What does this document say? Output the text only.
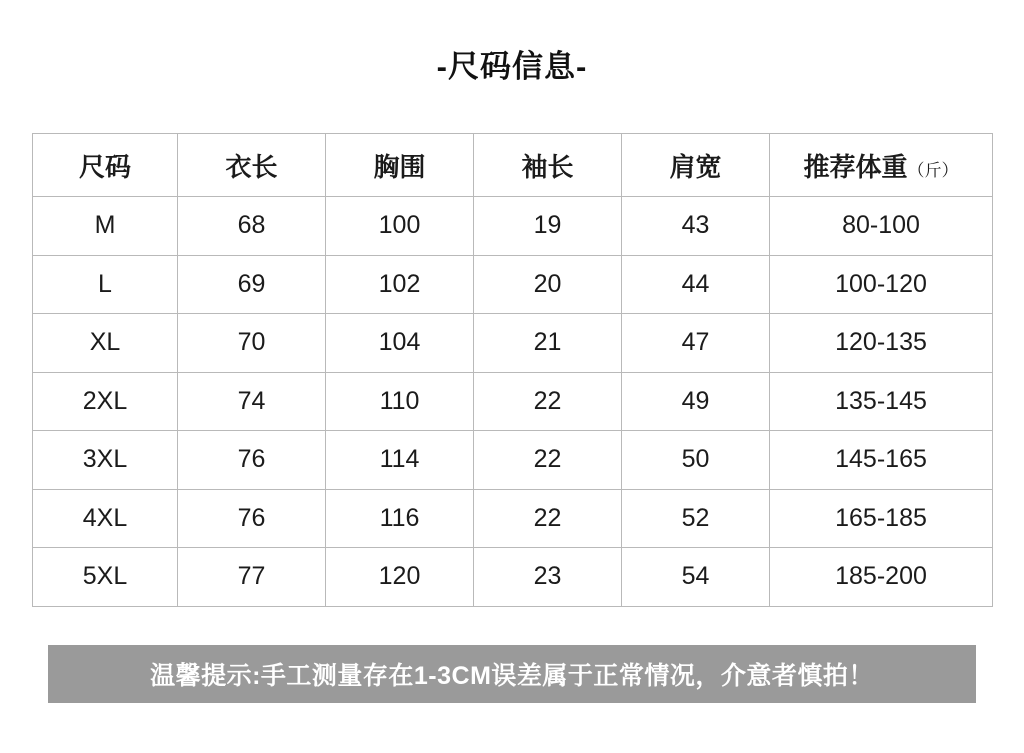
-尺码信息-
尺码	衣长	胸围	袖长	肩宽	推荐体重（斤）
M	68	100	19	43	80-100
L	69	102	20	44	100-120
XL	70	104	21	47	120-135
2XL	74	110	22	49	135-145
3XL	76	114	22	50	145-165
4XL	76	116	22	52	165-185
5XL	77	120	23	54	185-200
温馨提示:手工测量存在1-3CM误差属于正常情况，介意者慎拍！
